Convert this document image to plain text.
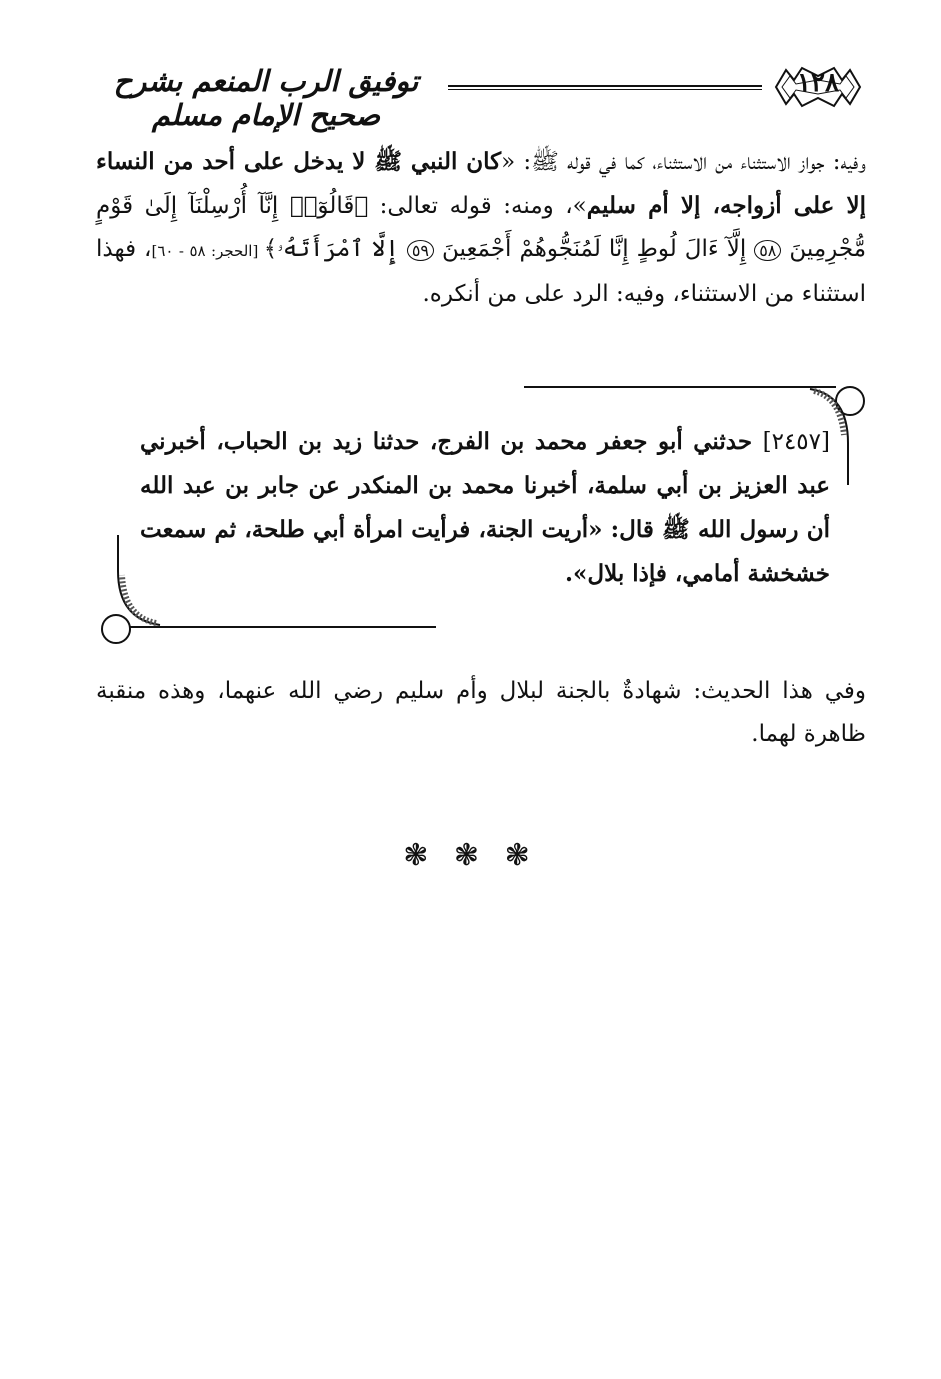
١٢٨
توفيق الرب المنعم بشرح صحيح الإمام مسلم

وفيه: جواز الاستثناء من الاستثناء، كما في قوله ﷺ: «كان النبي ﷺ لا يدخل على أحد من النساء إلا على أزواجه، إلا أم سليم»، ومنه: قوله تعالى: ﴿قَالُوٓا۟ إِنَّآ أُرْسِلْنَآ إِلَىٰ قَوْمٍ مُّجْرِمِينَ ٥٨ إِلَّآ ءَالَ لُوطٍ إِنَّا لَمُنَجُّوهُمْ أَجْمَعِينَ ٥٩ إِلَّا ٱمْرَأَتَهُۥ﴾ [الحجر: ٥٨ - ٦٠]، فهذا استثناء من الاستثناء، وفيه: الرد على من أنكره.

[٢٤٥٧] حدثني أبو جعفر محمد بن الفرج، حدثنا زيد بن الحباب، أخبرني عبد العزيز بن أبي سلمة، أخبرنا محمد بن المنكدر عن جابر بن عبد الله أن رسول الله ﷺ قال: «أريت الجنة، فرأيت امرأة أبي طلحة، ثم سمعت خشخشة أمامي، فإذا بلال».

وفي هذا الحديث: شهادةٌ بالجنة لبلال وأم سليم رضي الله عنهما، وهذه منقبة ظاهرة لهما.

❃ ❃ ❃
